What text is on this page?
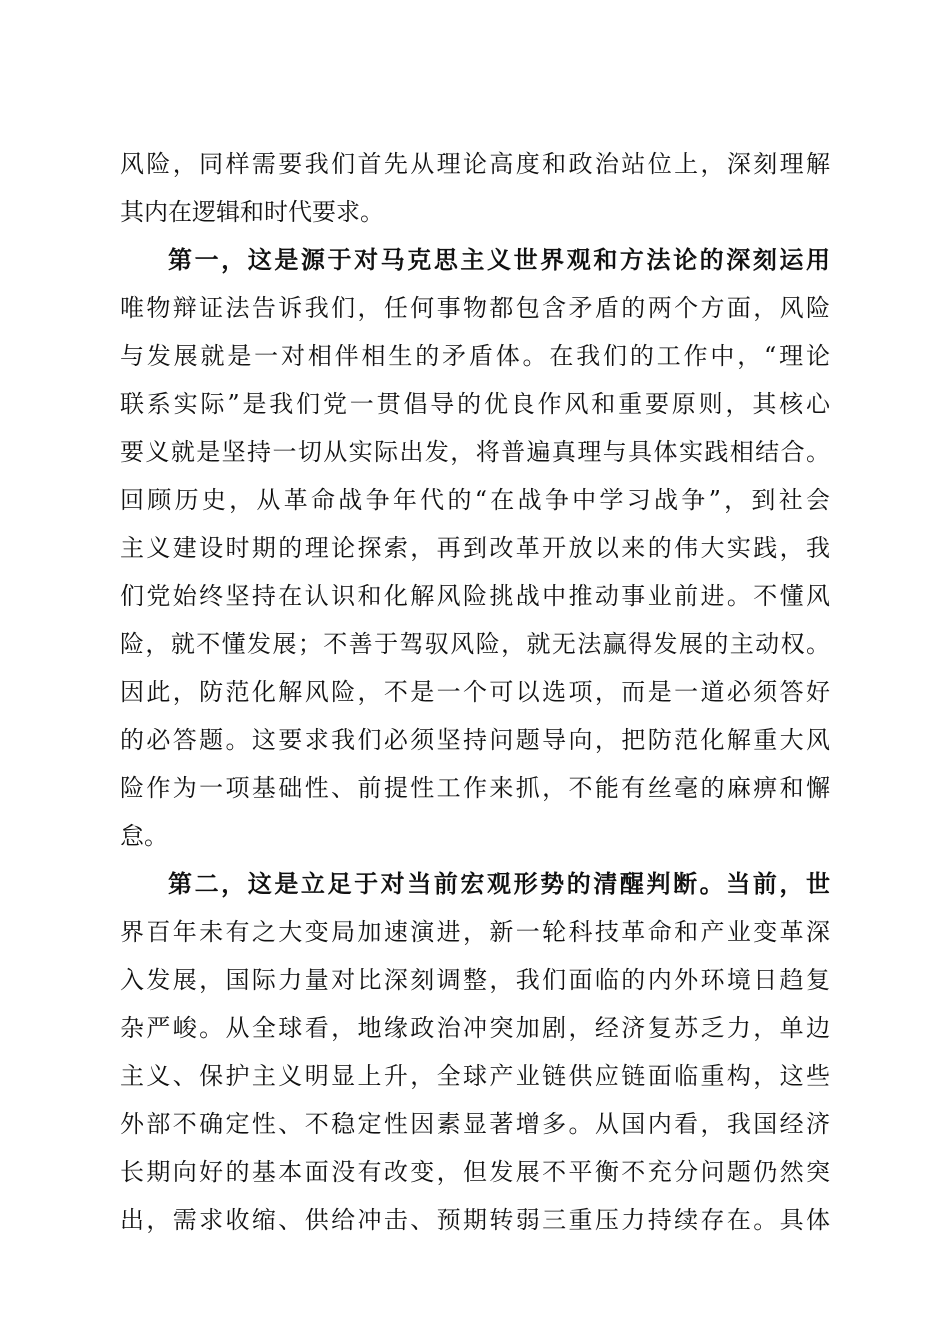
风险，同样需要我们首先从理论高度和政治站位上，深刻理解
其内在逻辑和时代要求。
第一，这是源于对马克思主义世界观和方法论的深刻运用
唯物辩证法告诉我们，任何事物都包含矛盾的两个方面，风险
与发展就是一对相伴相生的矛盾体。在我们的工作中，“理论
联系实际”是我们党一贯倡导的优良作风和重要原则，其核心
要义就是坚持一切从实际出发，将普遍真理与具体实践相结合。
回顾历史，从革命战争年代的“在战争中学习战争”，到社会
主义建设时期的理论探索，再到改革开放以来的伟大实践，我
们党始终坚持在认识和化解风险挑战中推动事业前进。不懂风
险，就不懂发展；不善于驾驭风险，就无法赢得发展的主动权。
因此，防范化解风险，不是一个可以选项，而是一道必须答好
的必答题。这要求我们必须坚持问题导向，把防范化解重大风
险作为一项基础性、前提性工作来抓，不能有丝毫的麻痹和懈
怠。
第二，这是立足于对当前宏观形势的清醒判断。当前，世
界百年未有之大变局加速演进，新一轮科技革命和产业变革深
入发展，国际力量对比深刻调整，我们面临的内外环境日趋复
杂严峻。从全球看，地缘政治冲突加剧，经济复苏乏力，单边
主义、保护主义明显上升，全球产业链供应链面临重构，这些
外部不确定性、不稳定性因素显著增多。从国内看，我国经济
长期向好的基本面没有改变，但发展不平衡不充分问题仍然突
出，需求收缩、供给冲击、预期转弱三重压力持续存在。具体
